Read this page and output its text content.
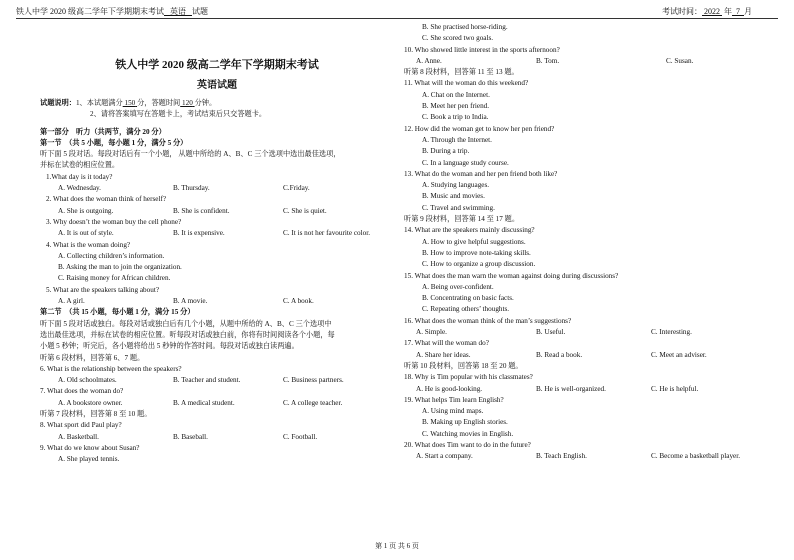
铁人中学 2020 级高二学年下学期期末考试 英语 试题	考试时间： 2022 年 7 月
铁人中学 2020 级高二学年下学期期末考试
英语试题
试题说明：1、本试题满分 150 分，答题时间 120 分钟。
2、请将答案填写在答题卡上，考试结束后只交答题卡。
第一部分　听力（共两节，满分 20 分）
第一节　（共 5 小题，每小题 1 分，满分 5 分）
听下面 5 段对话。每段对话后有一个小题， 从题中所给的 A、B、C 三个选项中选出最佳选项，
并标在试卷的相应位置。
1.What day is it today?
A. Wednesday.	B. Thursday.	C.Friday.
2. What does the woman think of herself?
A. She is outgoing.	B. She is confident.	C. She is quiet.
3. Why doesn’t the woman buy the cell phone?
A. It is out of style.	B. It is expensive.	C. It is not her favourite color.
4. What is the woman doing?
A. Collecting children’s information.
B. Asking the man to join the organization.
C. Raising money for African children.
5. What are the speakers talking about?
A. A girl.	B. A movie.	C. A book.
第二节　（共 15 小题，每小题 1 分，满分 15 分）
听下面 5 段对话或独白。每段对话或独白后有几个小题，从题中所给的 A、B、C 三个选项中
选出最佳选项，并标在试卷的相应位置。听每段对话或独白前，你将有时间阅读各个小题，每
小题 5 秒钟；听完后，各小题将给出 5 秒钟的作答时间。每段对话或独白读两遍。
听第 6 段材料，回答第 6、7 题。
6. What is the relationship between the speakers?
A. Old schoolmates.	B. Teacher and student.	C. Business partners.
7. What does the woman do?
A. A bookstore owner.	B. A medical student.	C. A college teacher.
听第 7 段材料，回答第 8 至 10 题。
8. What sport did Paul play?
A. Basketball.	B. Baseball.	C. Football.
9. What do we know about Susan?
A. She played tennis.
B. She practised horse-riding.
C. She scored two goals.
10. Who showed little interest in the sports afternoon?
A. Anne.	B. Tom.	C. Susan.
听第 8 段材料，回答第 11 至 13 题。
11. What will the woman do this weekend?
A. Chat on the Internet.
B. Meet her pen friend.
C. Book a trip to India.
12. How did the woman get to know her pen friend?
A. Through the Internet.
B. During a trip.
C. In a language study course.
13. What do the woman and her pen friend both like?
A. Studying languages.
B. Music and movies.
C. Travel and swimming.
听第 9 段材料，回答第 14 至 17 题。
14. What are the speakers mainly discussing?
A. How to give helpful suggestions.
B. How to improve note-taking skills.
C. How to organize a group discussion.
15. What does the man warn the woman against doing during discussions?
A. Being over-confident.
B. Concentrating on basic facts.
C. Repeating others’ thoughts.
16. What does the woman think of the man’s suggestions?
A. Simple.	B. Useful.	C. Interesting.
17. What will the woman do?
A. Share her ideas.	B. Read a book.	C. Meet an adviser.
听第 10 段材料，回答第 18 至 20 题。
18. Why is Tim popular with his classmates?
A. He is good-looking.	B. He is well-organized.	C. He is helpful.
19. What helps Tim learn English?
A. Using mind maps.
B. Making up English stories.
C. Watching movies in English.
20. What does Tim want to do in the future?
A. Start a company.	B. Teach English.	C. Become a basketball player.
第 1 页 共 6 页
